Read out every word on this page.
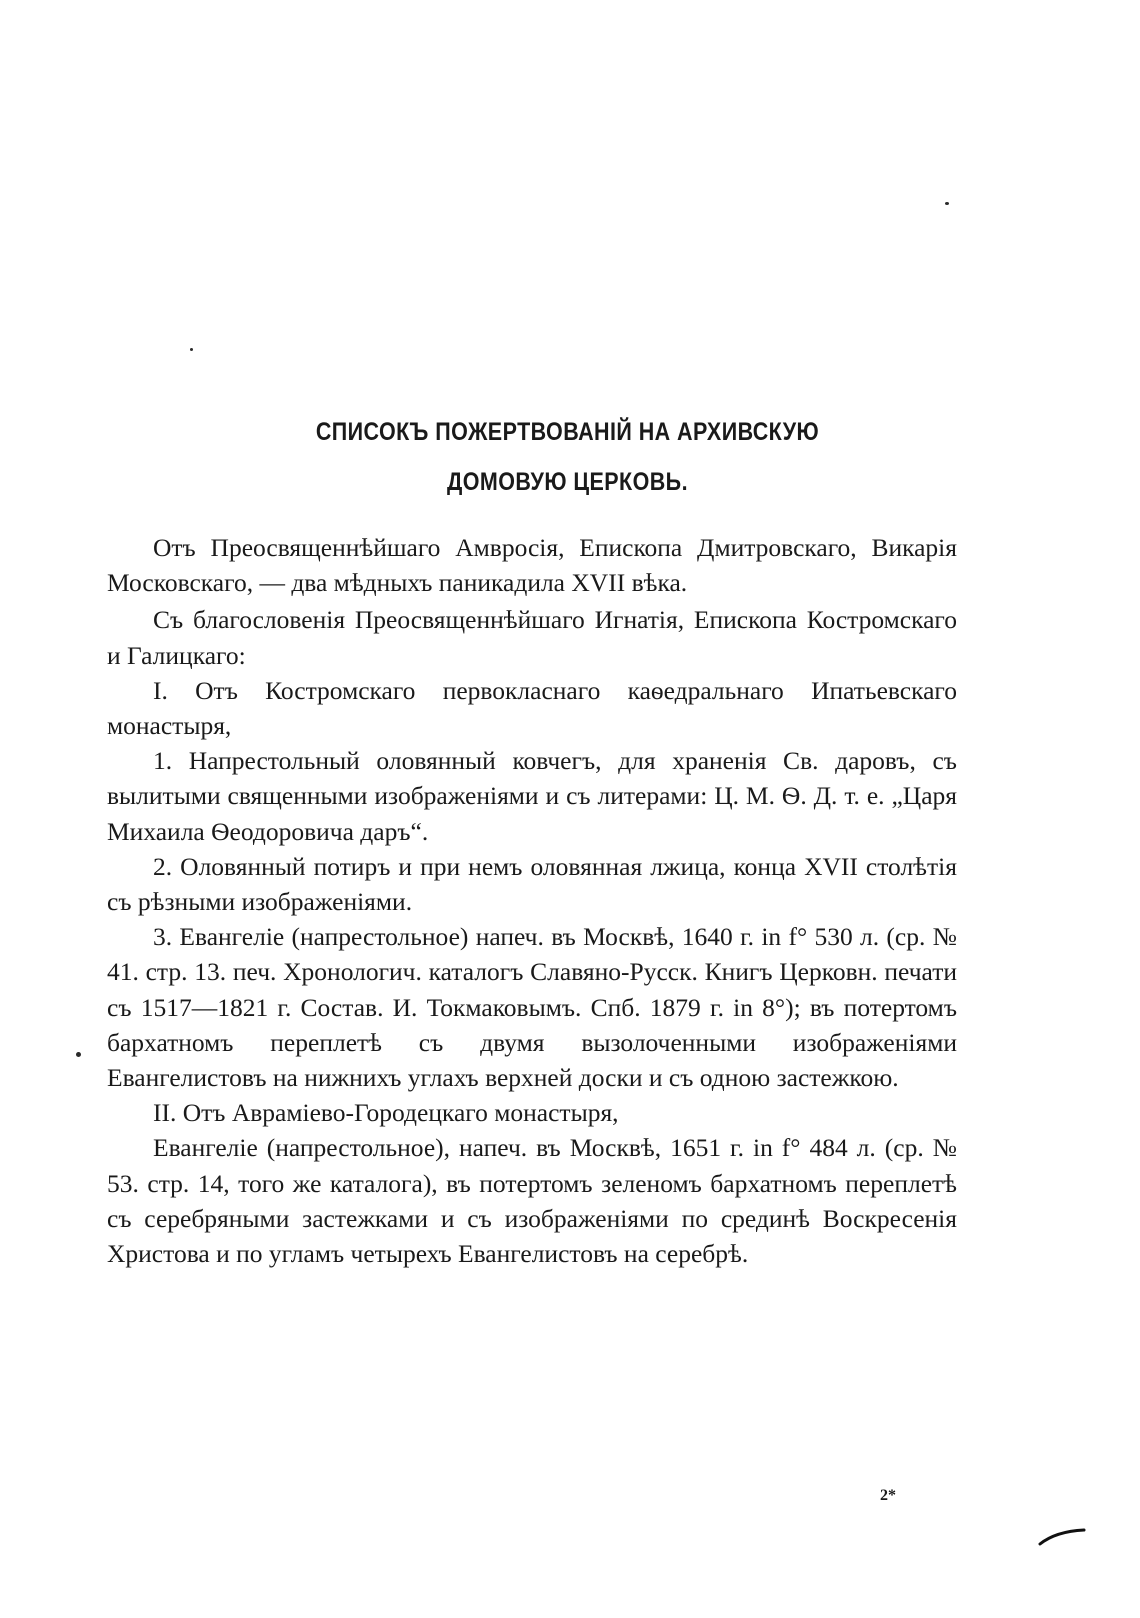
СПИСОКЪ ПОЖЕРТВОВАНІЙ НА АРХИВСКУЮ
ДОМОВУЮ ЦЕРКОВЬ.

Отъ Преосвященнѣйшаго Амвросія, Епископа Дмитровскаго, Викарія Московскаго, — два мѣдныхъ паникадила XVII вѣка.

Съ благословенія Преосвященнѣйшаго Игнатія, Епископа Костромскаго и Галицкаго:

I. Отъ Костромскаго первокласнаго каѳедральнаго Ипатьевскаго монастыря,

1. Напрестольный оловянный ковчегъ, для храненія Св. даровъ, съ вылитыми священными изображеніями и съ литерами: Ц. М. Ѳ. Д. т. е. „Царя Михаила Ѳеодоровича даръ“.

2. Оловянный потиръ и при немъ оловянная лжица, конца XVII столѣтія съ рѣзными изображеніями.

3. Евангеліе (напрестольное) напеч. въ Москвѣ, 1640 г. in f° 530 л. (ср. № 41. стр. 13. печ. Хронологич. каталогъ Славяно-Русск. Книгъ Церковн. печати съ 1517—1821 г. Состав. И. Токмаковымъ. Спб. 1879 г. in 8°); въ потертомъ бархатномъ переплетѣ съ двумя вызолоченными изображеніями Евангелистовъ на нижнихъ углахъ верхней доски и съ одною застежкою.

II. Отъ Авраміево-Городецкаго монастыря,

Евангеліе (напрестольное), напеч. въ Москвѣ, 1651 г. in f° 484 л. (ср. № 53. стр. 14, того же каталога), въ потертомъ зеленомъ бархатномъ переплетѣ съ серебряными застежками и съ изображеніями по срединѣ Воскресенія Христова и по угламъ четырехъ Евангелистовъ на серебрѣ.

2*
